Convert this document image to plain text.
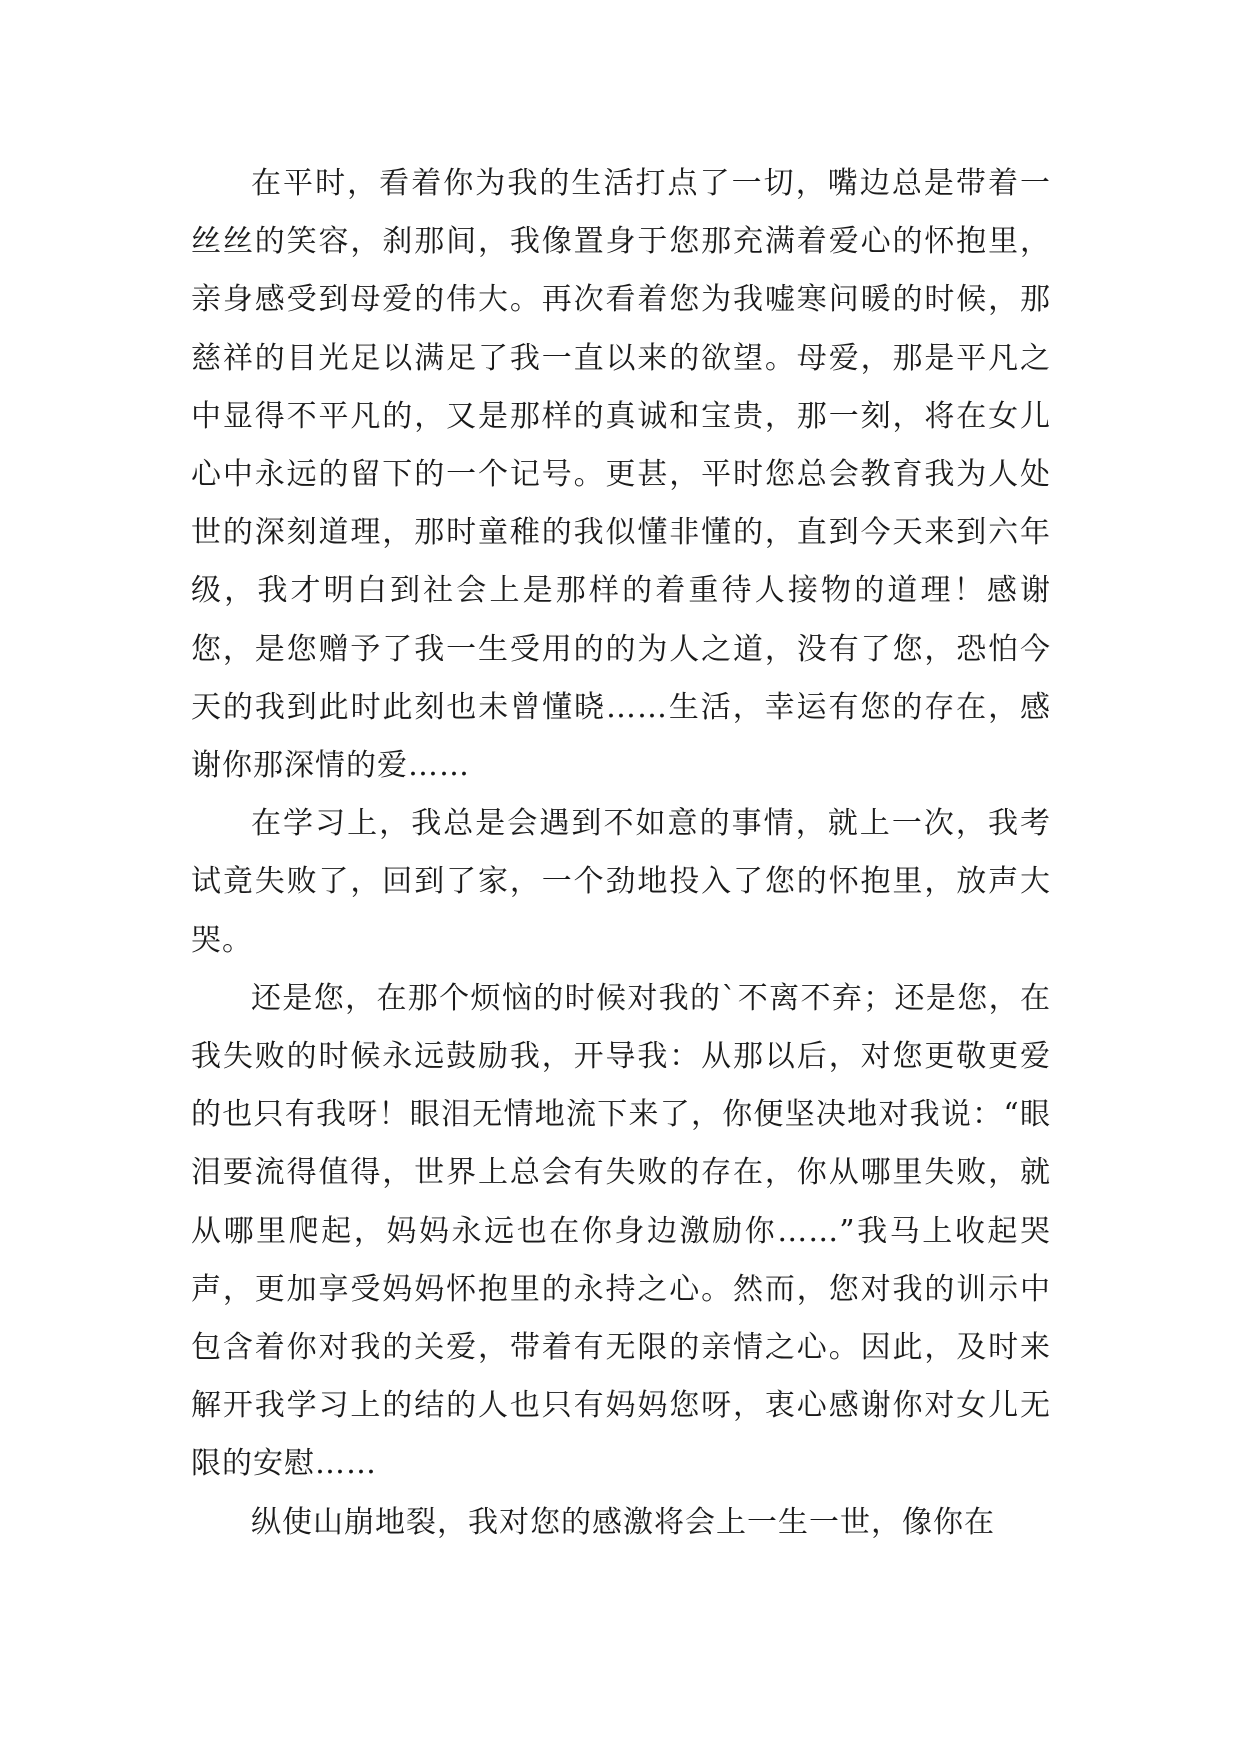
在平时，看着你为我的生活打点了一切，嘴边总是带着一丝丝的笑容，刹那间，我像置身于您那充满着爱心的怀抱里，亲身感受到母爱的伟大。再次看着您为我嘘寒问暖的时候，那慈祥的目光足以满足了我一直以来的欲望。母爱，那是平凡之中显得不平凡的，又是那样的真诚和宝贵，那一刻，将在女儿心中永远的留下的一个记号。更甚，平时您总会教育我为人处世的深刻道理，那时童稚的我似懂非懂的，直到今天来到六年级，我才明白到社会上是那样的着重待人接物的道理！感谢您，是您赠予了我一生受用的的为人之道，没有了您，恐怕今天的我到此时此刻也未曾懂晓……生活，幸运有您的存在，感谢你那深情的爱……

在学习上，我总是会遇到不如意的事情，就上一次，我考试竟失败了，回到了家，一个劲地投入了您的怀抱里，放声大哭。

还是您，在那个烦恼的时候对我的`不离不弃；还是您，在我失败的时候永远鼓励我，开导我：从那以后，对您更敬更爱的也只有我呀！眼泪无情地流下来了，你便坚决地对我说：“眼泪要流得值得，世界上总会有失败的存在，你从哪里失败，就从哪里爬起，妈妈永远也在你身边激励你……”我马上收起哭声，更加享受妈妈怀抱里的永持之心。然而，您对我的训示中包含着你对我的关爱，带着有无限的亲情之心。因此，及时来解开我学习上的结的人也只有妈妈您呀，衷心感谢你对女儿无限的安慰……

纵使山崩地裂，我对您的感激将会上一生一世，像你在
